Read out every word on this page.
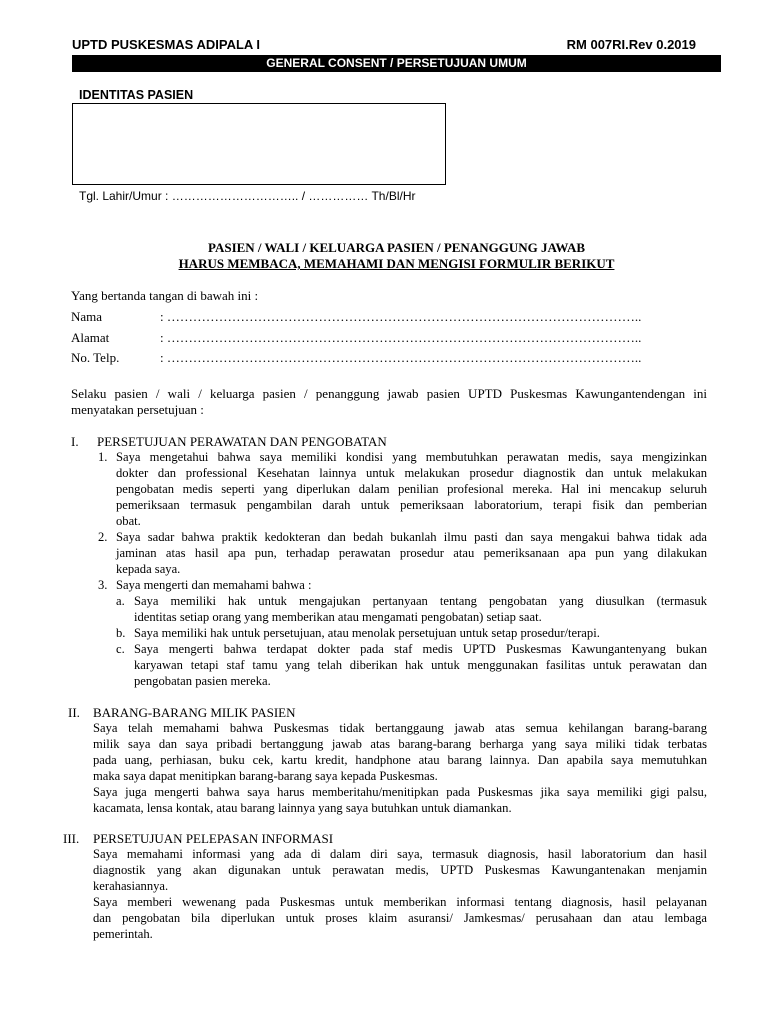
UPTD PUSKESMAS ADIPALA I	RM 007RI.Rev 0.2019
GENERAL CONSENT / PERSETUJUAN UMUM
IDENTITAS PASIEN
Tgl. Lahir/Umur : ………………………….. / …………… Th/Bl/Hr
PASIEN / WALI / KELUARGA PASIEN / PENANGGUNG JAWAB
HARUS MEMBACA, MEMAHAMI DAN MENGISI FORMULIR BERIKUT
Yang bertanda tangan di bawah ini :
Nama	: ………………………………………………………………………………………………..
Alamat	: ………………………………………………………………………………………………..
No. Telp.	: ………………………………………………………………………………………………..
Selaku pasien / wali / keluarga pasien / penanggung jawab pasien UPTD Puskesmas Kawungantendengan ini
menyatakan persetujuan :
I. PERSETUJUAN PERAWATAN DAN PENGOBATAN
1. Saya mengetahui bahwa saya memiliki kondisi yang membutuhkan perawatan medis, saya mengizinkan
dokter dan professional Kesehatan lainnya untuk melakukan prosedur diagnostik dan untuk melakukan
pengobatan medis seperti yang diperlukan dalam penilian profesional mereka. Hal ini mencakup seluruh
pemeriksaan termasuk pengambilan darah untuk pemeriksaan laboratorium, terapi fisik dan pemberian
obat.
2. Saya sadar bahwa praktik kedokteran dan bedah bukanlah ilmu pasti dan saya mengakui bahwa tidak ada
jaminan atas hasil apa pun, terhadap perawatan prosedur atau pemeriksanaan apa pun yang dilakukan
kepada saya.
3. Saya mengerti dan memahami bahwa :
a. Saya memiliki hak untuk mengajukan pertanyaan tentang pengobatan yang diusulkan (termasuk
identitas setiap orang yang memberikan atau mengamati pengobatan) setiap saat.
b. Saya memiliki hak untuk persetujuan, atau menolak persetujuan untuk setap prosedur/terapi.
c. Saya mengerti bahwa terdapat dokter pada staf medis UPTD Puskesmas Kawungantenyang bukan
karyawan tetapi staf tamu yang telah diberikan hak untuk menggunakan fasilitas untuk perawatan dan
pengobatan pasien mereka.
II. BARANG-BARANG MILIK PASIEN
Saya telah memahami bahwa Puskesmas tidak bertanggaung jawab atas semua kehilangan barang-barang
milik saya dan saya pribadi bertanggung jawab atas barang-barang berharga yang saya miliki tidak terbatas
pada uang, perhiasan, buku cek, kartu kredit, handphone atau barang lainnya. Dan apabila saya memutuhkan
maka saya dapat menitipkan barang-barang saya kepada Puskesmas.
Saya juga mengerti bahwa saya harus memberitahu/menitipkan pada Puskesmas jika saya memiliki gigi palsu,
kacamata, lensa kontak, atau barang lainnya yang saya butuhkan untuk diamankan.
III. PERSETUJUAN PELEPASAN INFORMASI
Saya memahami informasi yang ada di dalam diri saya, termasuk diagnosis, hasil laboratorium dan hasil
diagnostik yang akan digunakan untuk perawatan medis, UPTD Puskesmas Kawungantenakan menjamin
kerahasiannya.
Saya memberi wewenang pada Puskesmas untuk memberikan informasi tentang diagnosis, hasil pelayanan
dan pengobatan bila diperlukan untuk proses klaim asuransi/ Jamkesmas/ perusahaan dan atau lembaga
pemerintah.
